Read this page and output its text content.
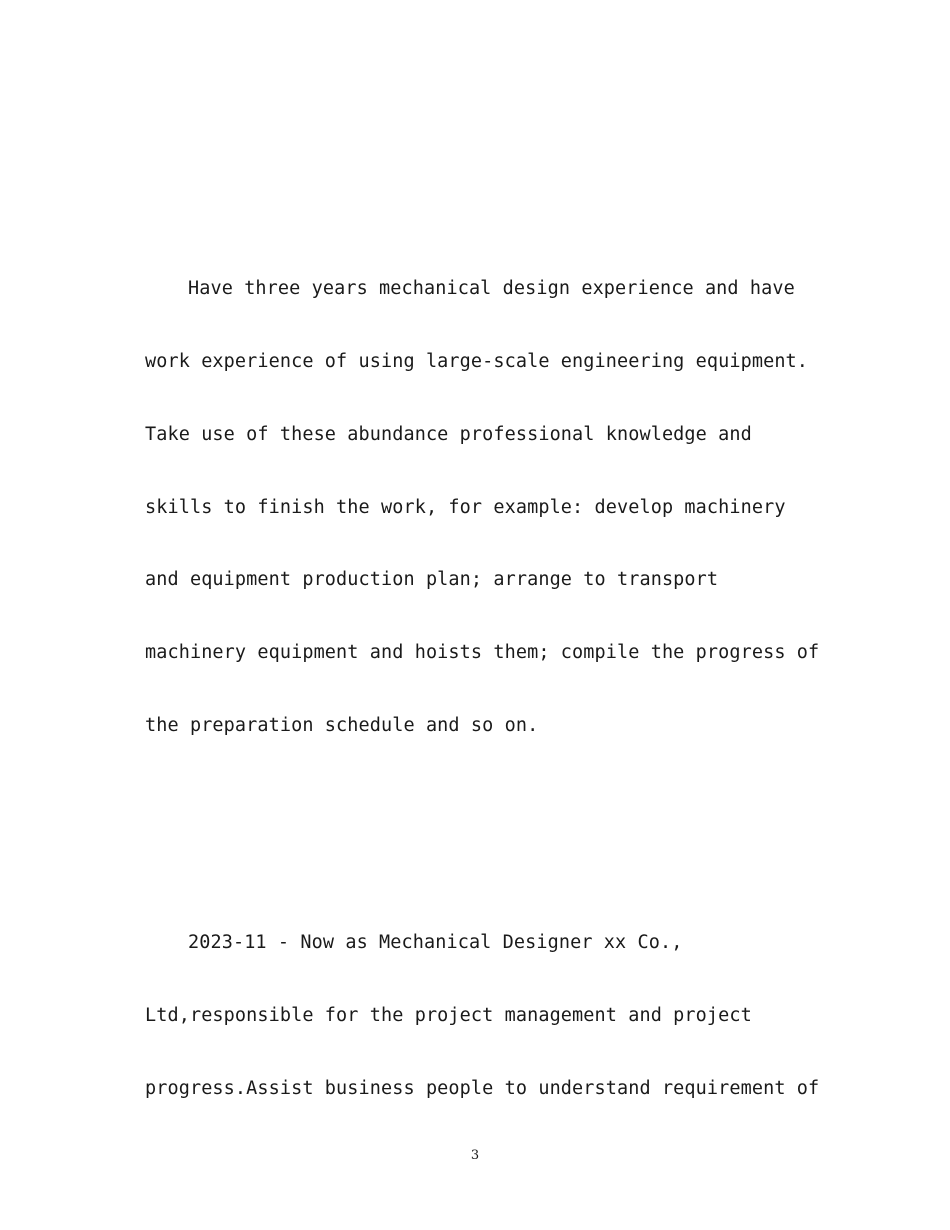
Have three years mechanical design experience and have
work experience of using large-scale engineering equipment.
Take use of these abundance professional knowledge and
skills to finish the work, for example: develop machinery
and equipment production plan; arrange to transport
machinery equipment and hoists them; compile the progress of
the preparation schedule and so on.
2023-11 - Now as Mechanical Designer xx Co.,
Ltd,responsible for the project management and project
progress.Assist business people to understand requirement of
3
